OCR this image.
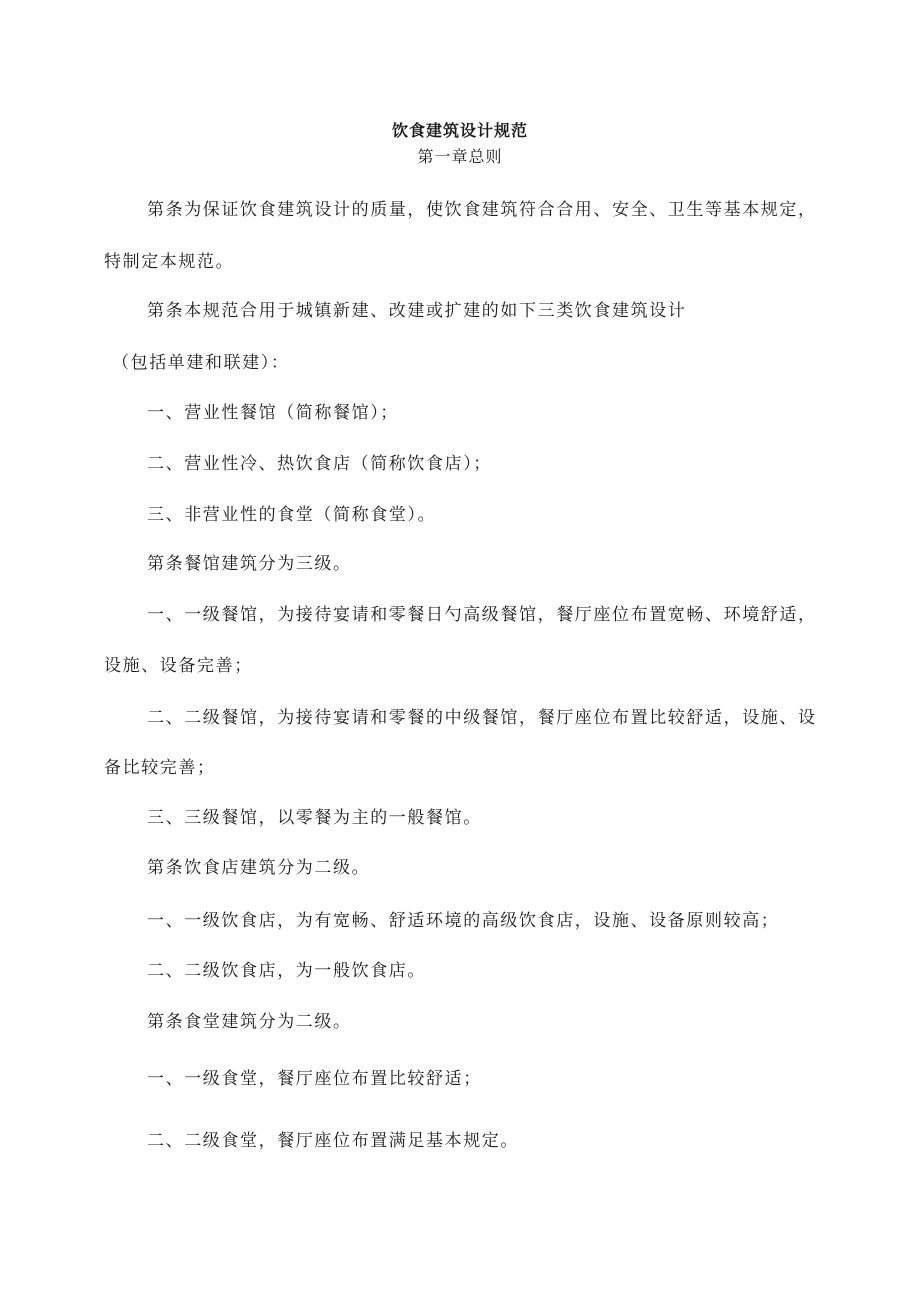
饮食建筑设计规范
第一章总则
第条为保证饮食建筑设计的质量，使饮食建筑符合合用、安全、卫生等基本规定，
特制定本规范。
第条本规范合用于城镇新建、改建或扩建的如下三类饮食建筑设计
（包括单建和联建）：
一、营业性餐馆（简称餐馆）；
二、营业性冷、热饮食店（简称饮食店）；
三、非营业性的食堂（简称食堂）。
第条餐馆建筑分为三级。
一、一级餐馆，为接待宴请和零餐日勺高级餐馆，餐厅座位布置宽畅、环境舒适，
设施、设备完善；
二、二级餐馆，为接待宴请和零餐的中级餐馆，餐厅座位布置比较舒适，设施、设
备比较完善；
三、三级餐馆，以零餐为主的一般餐馆。
第条饮食店建筑分为二级。
一、一级饮食店，为有宽畅、舒适环境的高级饮食店，设施、设备原则较高；
二、二级饮食店，为一般饮食店。
第条食堂建筑分为二级。
一、一级食堂，餐厅座位布置比较舒适；
二、二级食堂，餐厅座位布置满足基本规定。
